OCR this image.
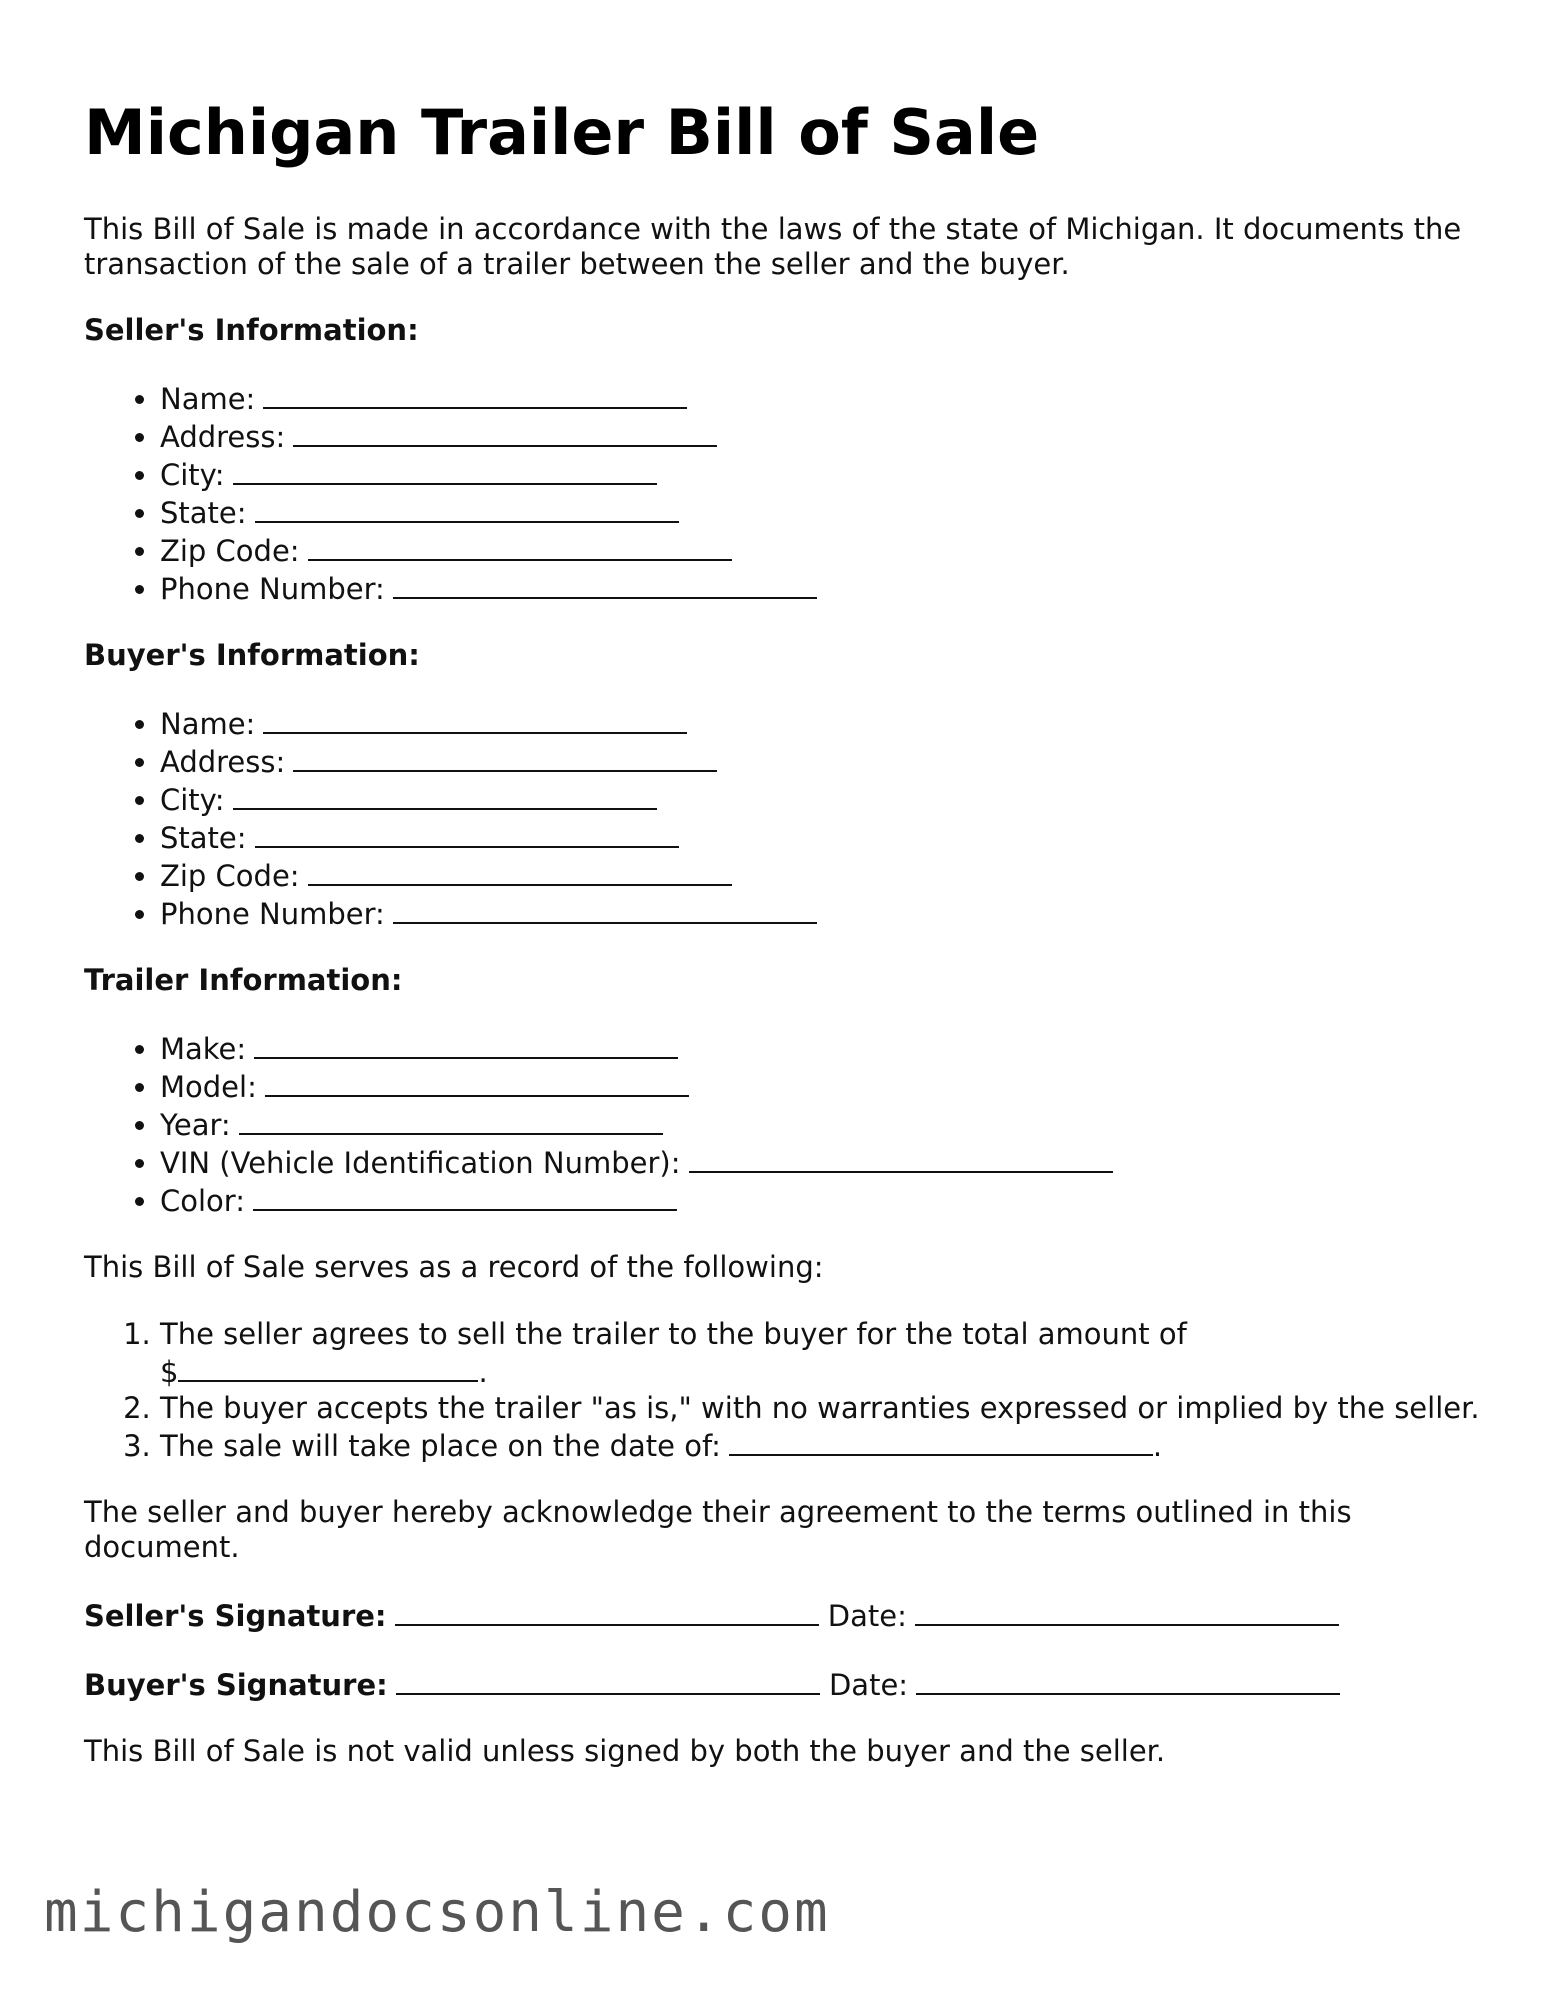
Michigan Trailer Bill of Sale

This Bill of Sale is made in accordance with the laws of the state of Michigan. It documents the transaction of the sale of a trailer between the seller and the buyer.

Seller's Information:
• Name:
• Address:
• City:
• State:
• Zip Code:
• Phone Number:
Buyer's Information:
• Name:
• Address:
• City:
• State:
• Zip Code:
• Phone Number:
Trailer Information:
• Make:
• Model:
• Year:
• VIN (Vehicle Identification Number):
• Color:

This Bill of Sale serves as a record of the following:

1. The seller agrees to sell the trailer to the buyer for the total amount of
$	.
2. The buyer accepts the trailer "as is," with no warranties expressed or implied by the seller.
3. The sale will take place on the date of:	.

The seller and buyer hereby acknowledge their agreement to the terms outlined in this document.

Seller's Signature:	Date:
Buyer's Signature:	Date:

This Bill of Sale is not valid unless signed by both the buyer and the seller.

michigandocsonline.com
